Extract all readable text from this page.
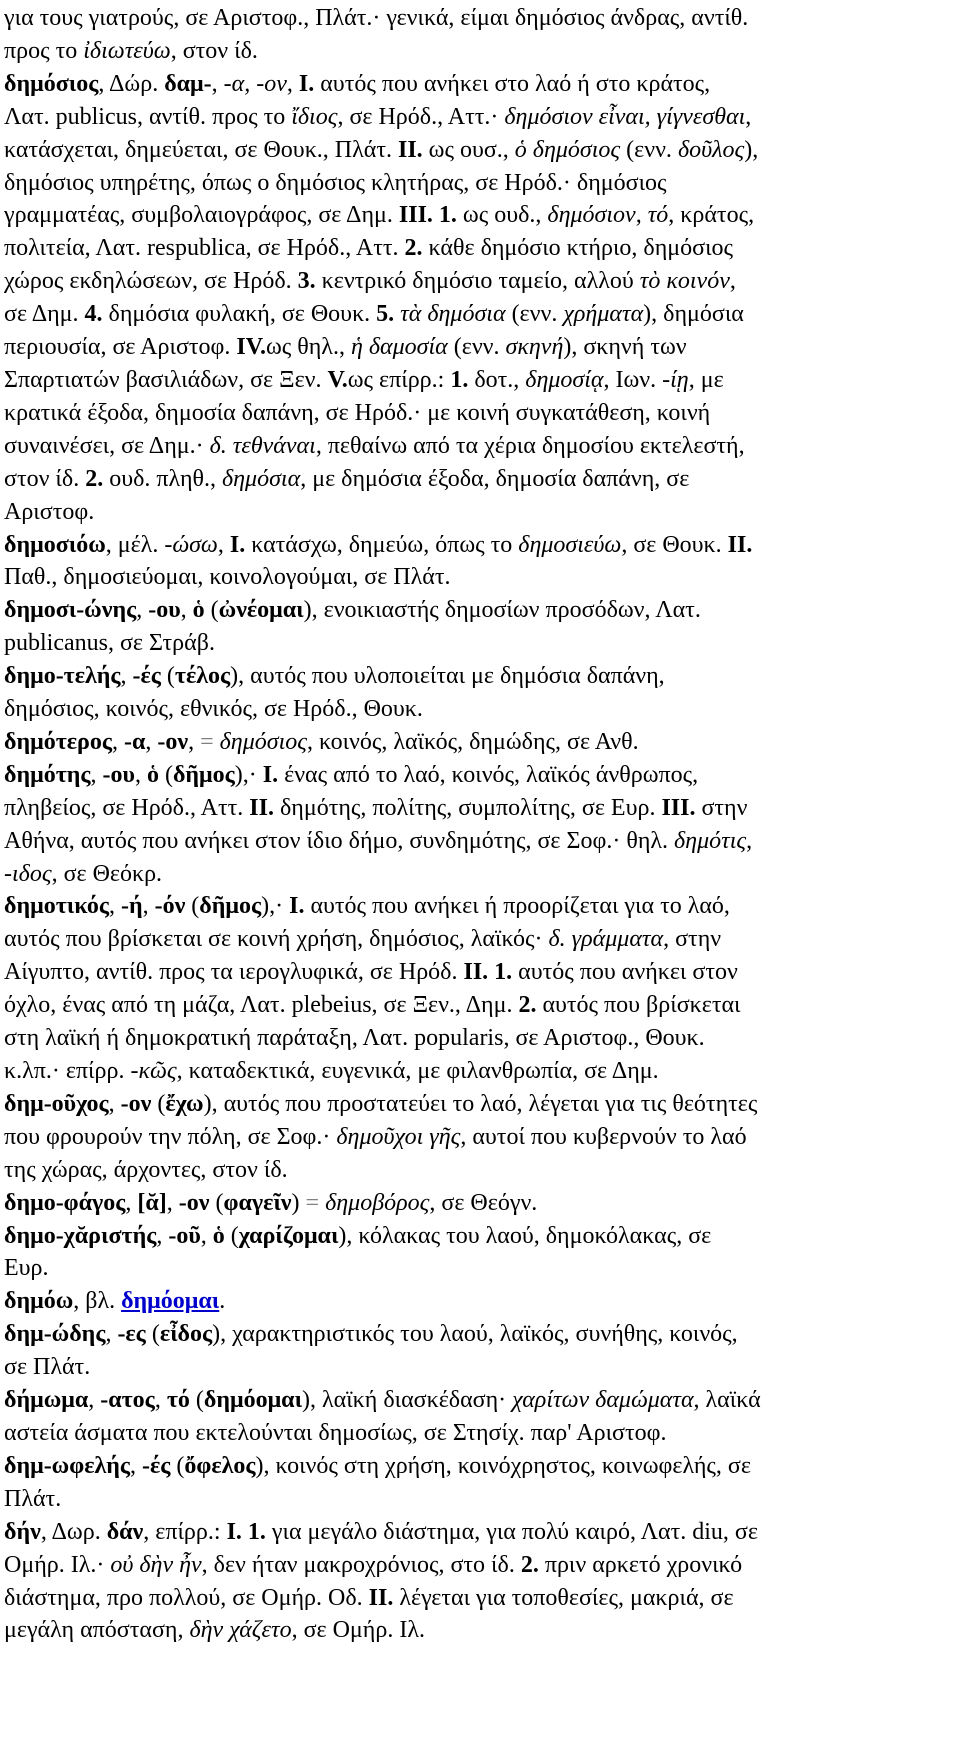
για τους γιατρούς, σε Αριστοφ., Πλάτ.· γενικά, είμαι δημόσιος άνδρας, αντίθ.
προς το ἰδιωτεύω, στον ίδ.
δημόσιος, Δώρ. δαμ-, -α, -ον, I. αυτός που ανήκει στο λαό ή στο κράτος,
Λατ. publicus, αντίθ. προς το ἴδιος, σε Ηρόδ., Αττ.· δημόσιον εἶναι, γίγνεσθαι,
κατάσχεται, δημεύεται, σε Θουκ., Πλάτ. II. ως ουσ., ὁ δημόσιος (ενν. δοῦλος),
δημόσιος υπηρέτης, όπως ο δημόσιος κλητήρας, σε Ηρόδ.· δημόσιος
γραμματέας, συμβολαιογράφος, σε Δημ. III. 1. ως ουδ., δημόσιον, τό, κράτος,
πολιτεία, Λατ. respublica, σε Ηρόδ., Αττ. 2. κάθε δημόσιο κτήριο, δημόσιος
χώρος εκδηλώσεων, σε Ηρόδ. 3. κεντρικό δημόσιο ταμείο, αλλού τὸ κοινόν,
σε Δημ. 4. δημόσια φυλακή, σε Θουκ. 5. τὰ δημόσια (ενν. χρήματα), δημόσια
περιουσία, σε Αριστοφ. IV.ως θηλ., ἡ δαμοσία (ενν. σκηνή), σκηνή των
Σπαρτιατών βασιλιάδων, σε Ξεν. V.ως επίρρ.: 1. δοτ., δημοσίᾳ, Ιων. -ίῃ, με
κρατικά έξοδα, δημοσία δαπάνη, σε Ηρόδ.· με κοινή συγκατάθεση, κοινή
συναινέσει, σε Δημ.· δ. τεθνάναι, πεθαίνω από τα χέρια δημοσίου εκτελεστή,
στον ίδ. 2. ουδ. πληθ., δημόσια, με δημόσια έξοδα, δημοσία δαπάνη, σε
Αριστοφ.
δημοσιόω, μέλ. -ώσω, I. κατάσχω, δημεύω, όπως το δημοσιεύω, σε Θουκ. II.
Παθ., δημοσιεύομαι, κοινολογούμαι, σε Πλάτ.
δημοσι-ώνης, -ου, ὁ (ὠνέομαι), ενοικιαστής δημοσίων προσόδων, Λατ.
publicanus, σε Στράβ.
δημο-τελής, -ές (τέλος), αυτός που υλοποιείται με δημόσια δαπάνη,
δημόσιος, κοινός, εθνικός, σε Ηρόδ., Θουκ.
δημότερος, -α, -ον, = δημόσιος, κοινός, λαϊκός, δημώδης, σε Ανθ.
δημότης, -ου, ὁ (δῆμος),· I. ένας από το λαό, κοινός, λαϊκός άνθρωπος,
πληβείος, σε Ηρόδ., Αττ. II. δημότης, πολίτης, συμπολίτης, σε Ευρ. III. στην
Αθήνα, αυτός που ανήκει στον ίδιο δήμο, συνδημότης, σε Σοφ.· θηλ. δημότις,
-ιδος, σε Θεόκρ.
δημοτικός, -ή, -όν (δῆμος),· I. αυτός που ανήκει ή προορίζεται για το λαό,
αυτός που βρίσκεται σε κοινή χρήση, δημόσιος, λαϊκός· δ. γράμματα, στην
Αίγυπτο, αντίθ. προς τα ιερογλυφικά, σε Ηρόδ. II. 1. αυτός που ανήκει στον
όχλο, ένας από τη μάζα, Λατ. plebeius, σε Ξεν., Δημ. 2. αυτός που βρίσκεται
στη λαϊκή ή δημοκρατική παράταξη, Λατ. popularis, σε Αριστοφ., Θουκ.
κ.λπ.· επίρρ. -κῶς, καταδεκτικά, ευγενικά, με φιλανθρωπία, σε Δημ.
δημ-οῦχος, -ον (ἔχω), αυτός που προστατεύει το λαό, λέγεται για τις θεότητες
που φρουρούν την πόλη, σε Σοφ.· δημοῦχοι γῆς, αυτοί που κυβερνούν το λαό
της χώρας, άρχοντες, στον ίδ.
δημο-φάγος, [ᾰ], -ον (φαγεῖν) = δημοβόρος, σε Θεόγν.
δημο-χᾰριστής, -οῦ, ὁ (χαρίζομαι), κόλακας του λαού, δημοκόλακας, σε
Ευρ.
δημόω, βλ. δημόομαι.
δημ-ώδης, -ες (εἶδος), χαρακτηριστικός του λαού, λαϊκός, συνήθης, κοινός,
σε Πλάτ.
δήμωμα, -ατος, τό (δημόομαι), λαϊκή διασκέδαση· χαρίτων δαμώματα, λαϊκά
αστεία άσματα που εκτελούνται δημοσίως, σε Στησίχ. παρ' Αριστοφ.
δημ-ωφελής, -ές (ὄφελος), κοινός στη χρήση, κοινόχρηστος, κοινωφελής, σε
Πλάτ.
δήν, Δωρ. δάν, επίρρ.: I. 1. για μεγάλο διάστημα, για πολύ καιρό, Λατ. diu, σε
Ομήρ. Ιλ.· οὐ δὴν ἦν, δεν ήταν μακροχρόνιος, στο ίδ. 2. πριν αρκετό χρονικό
διάστημα, προ πολλού, σε Ομήρ. Οδ. II. λέγεται για τοποθεσίες, μακριά, σε
μεγάλη απόσταση, δὴν χάζετο, σε Ομήρ. Ιλ.
